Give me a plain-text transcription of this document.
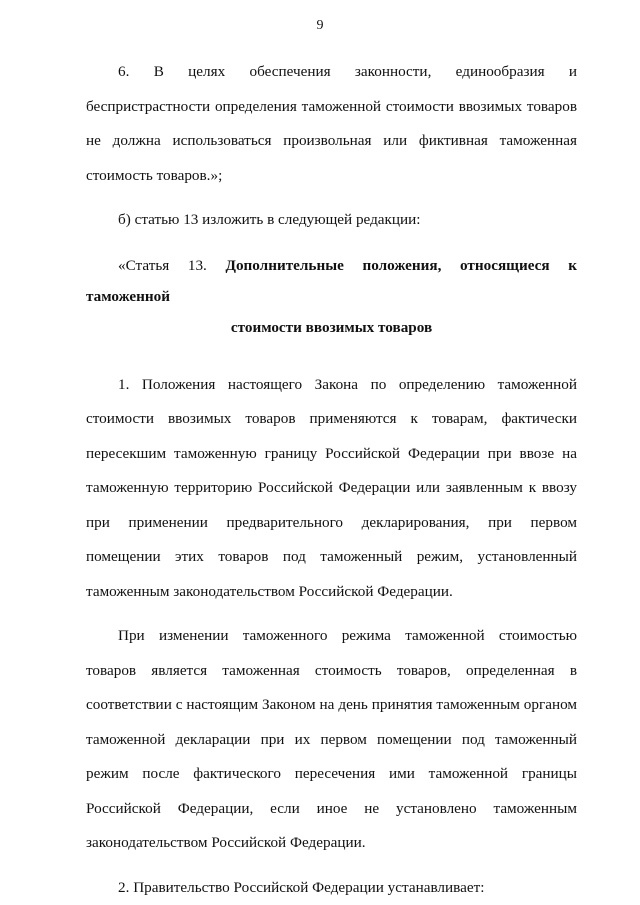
9

6. В целях обеспечения законности, единообразия и беспристрастности определения таможенной стоимости ввозимых товаров не должна использоваться произвольная или фиктивная таможенная стоимость товаров.»;

б) статью 13 изложить в следующей редакции:

«Статья 13. Дополнительные положения, относящиеся к таможенной
стоимости ввозимых товаров

1. Положения настоящего Закона по определению таможенной стоимости ввозимых товаров применяются к товарам, фактически пересекшим таможенную границу Российской Федерации при ввозе на таможенную территорию Российской Федерации или заявленным к ввозу при применении предварительного декларирования, при первом помещении этих товаров под таможенный режим, установленный таможенным законодательством Российской Федерации.

При изменении таможенного режима таможенной стоимостью товаров является таможенная стоимость товаров, определенная в соответствии с настоящим Законом на день принятия таможенным органом таможенной декларации при их первом помещении под таможенный режим после фактического пересечения ими таможенной границы Российской Федерации, если иное не установлено таможенным законодательством Российской Федерации.

2. Правительство Российской Федерации устанавливает:
